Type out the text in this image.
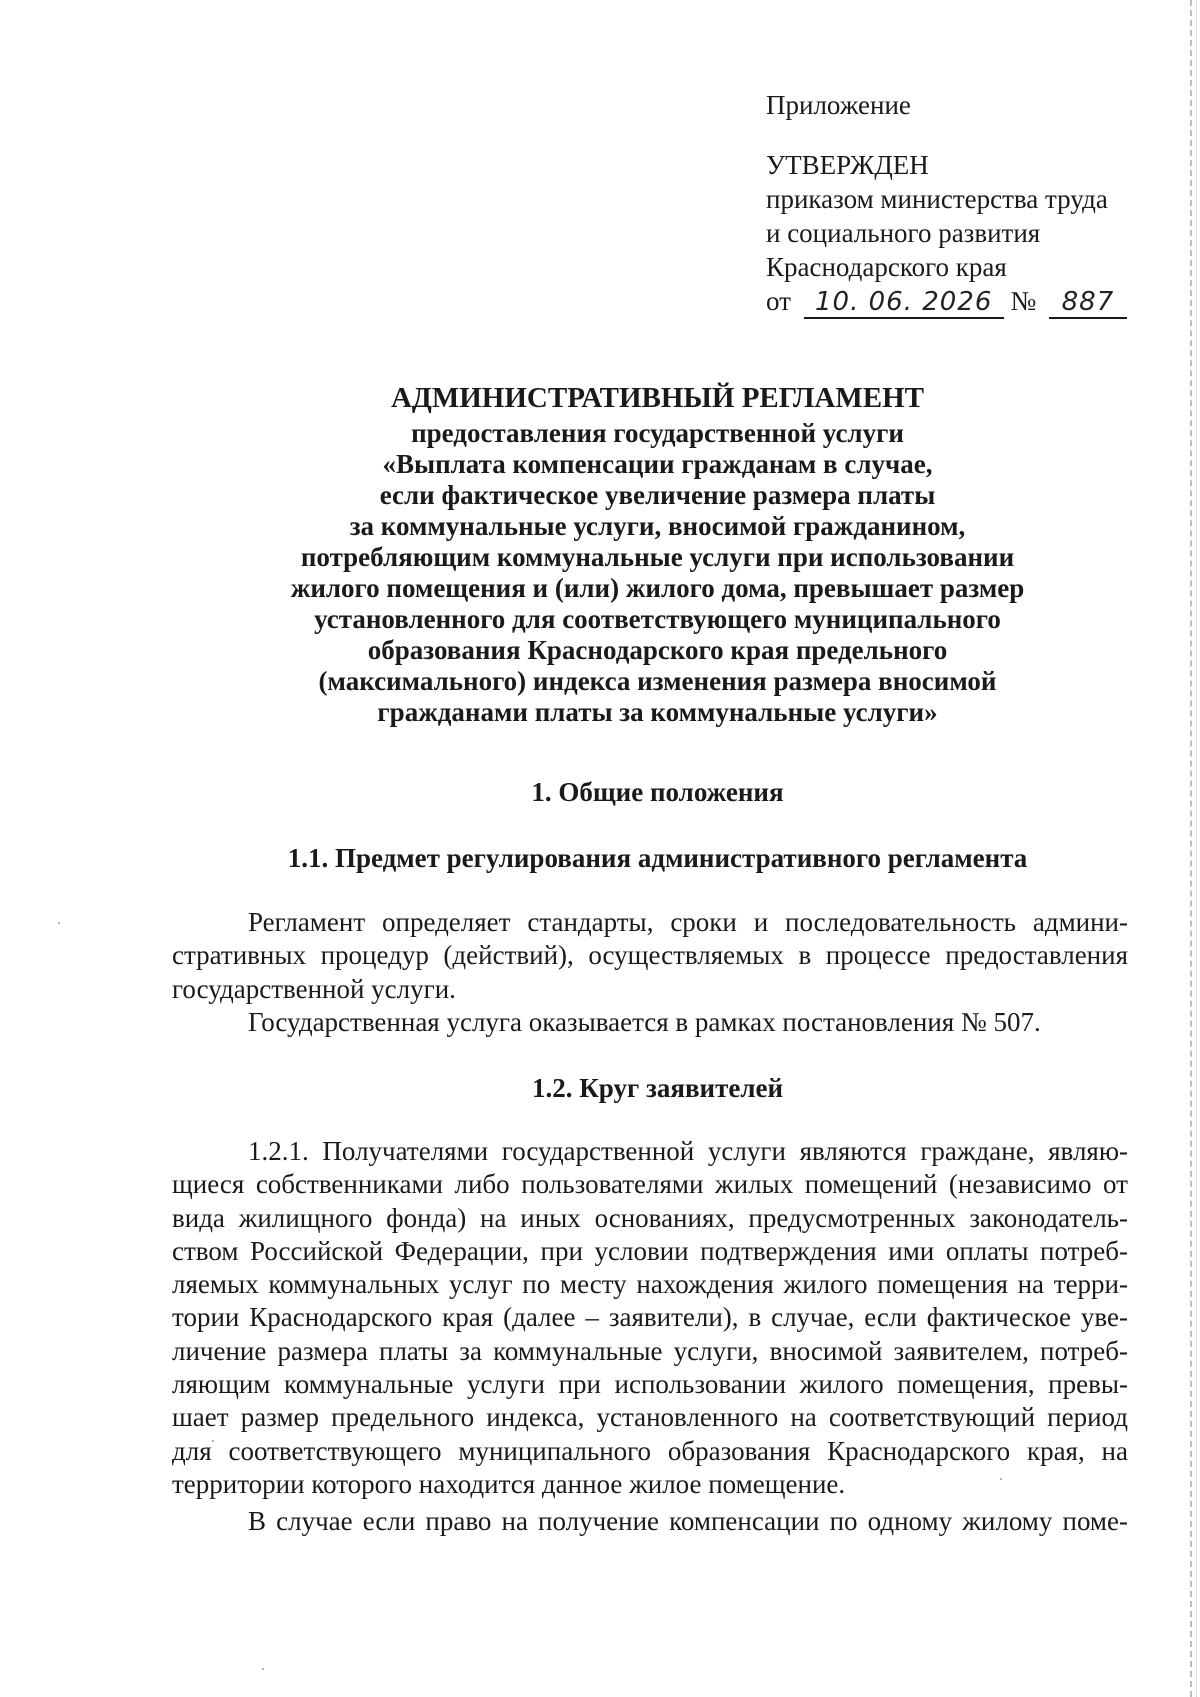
Приложение
УТВЕРЖДЕН
приказом министерства труда
и социального развития
Краснодарского края
от 10. 06. 2026 № 887
АДМИНИСТРАТИВНЫЙ РЕГЛАМЕНТ
предоставления государственной услуги
«Выплата компенсации гражданам в случае,
если фактическое увеличение размера платы
за коммунальные услуги, вносимой гражданином,
потребляющим коммунальные услуги при использовании
жилого помещения и (или) жилого дома, превышает размер
установленного для соответствующего муниципального
образования Краснодарского края предельного
(максимального) индекса изменения размера вносимой
гражданами платы за коммунальные услуги»
1. Общие положения
1.1. Предмет регулирования административного регламента
Регламент определяет стандарты, сроки и последовательность админи-
стративных процедур (действий), осуществляемых в процессе предоставления
государственной услуги.
Государственная услуга оказывается в рамках постановления № 507.
1.2. Круг заявителей
1.2.1. Получателями государственной услуги являются граждане, являю-
щиеся собственниками либо пользователями жилых помещений (независимо от
вида жилищного фонда) на иных основаниях, предусмотренных законодатель-
ством Российской Федерации, при условии подтверждения ими оплаты потреб-
ляемых коммунальных услуг по месту нахождения жилого помещения на терри-
тории Краснодарского края (далее – заявители), в случае, если фактическое уве-
личение размера платы за коммунальные услуги, вносимой заявителем, потреб-
ляющим коммунальные услуги при использовании жилого помещения, превы-
шает размер предельного индекса, установленного на соответствующий период
для соответствующего муниципального образования Краснодарского края, на
территории которого находится данное жилое помещение.
В случае если право на получение компенсации по одному жилому поме-
